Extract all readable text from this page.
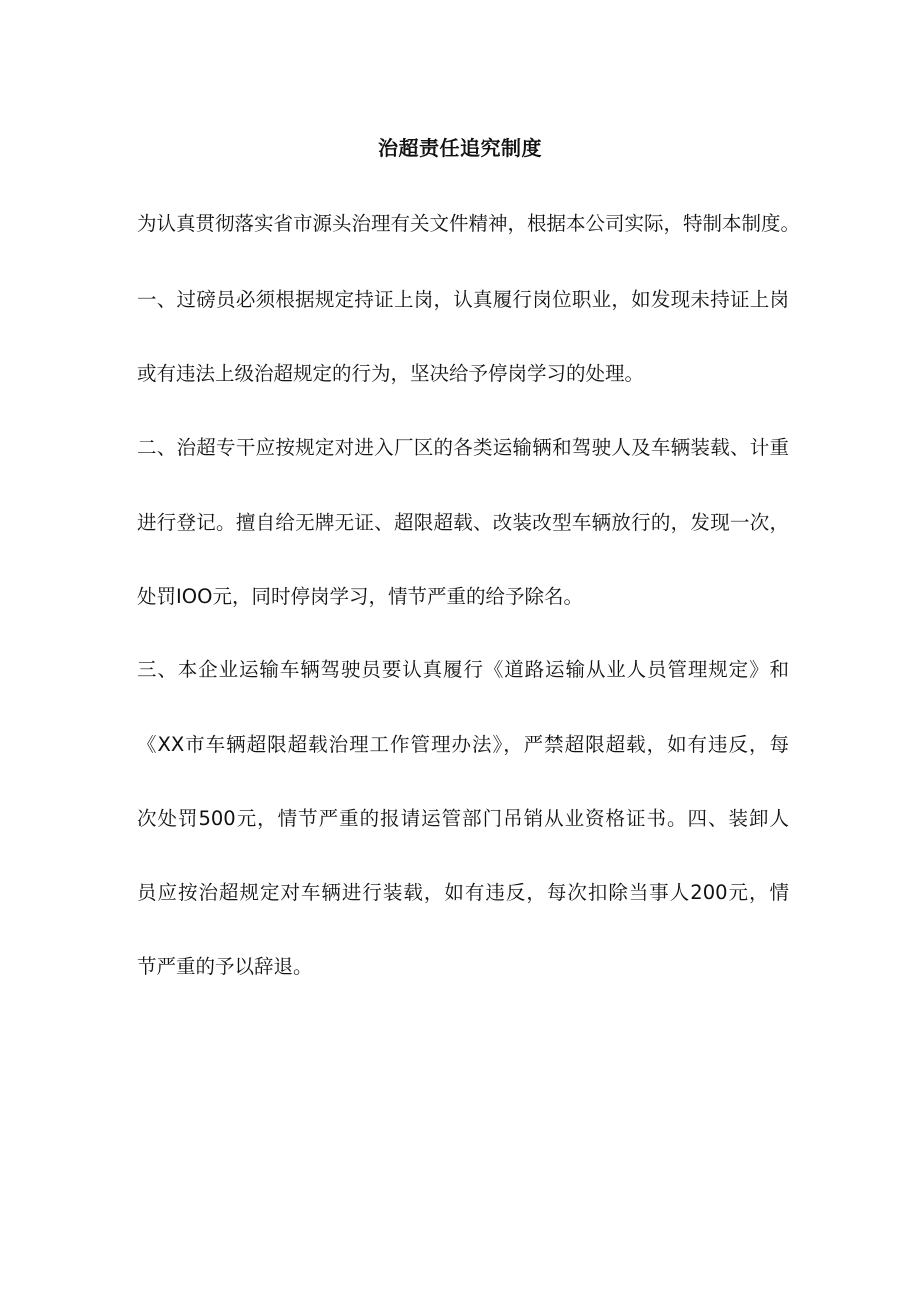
治超责任追究制度
为认真贯彻落实省市源头治理有关文件精神，根据本公司实际，特制本制度。
一、过磅员必须根据规定持证上岗，认真履行岗位职业，如发现未持证上岗
或有违法上级治超规定的行为，坚决给予停岗学习的处理。
二、治超专干应按规定对进入厂区的各类运输辆和驾驶人及车辆装载、计重
进行登记。擅自给无牌无证、超限超载、改装改型车辆放行的，发现一次，
处罚IOO元，同时停岗学习，情节严重的给予除名。
三、本企业运输车辆驾驶员要认真履行《道路运输从业人员管理规定》和
《XX市车辆超限超载治理工作管理办法》，严禁超限超载，如有违反，每
次处罚500元，情节严重的报请运管部门吊销从业资格证书。四、装卸人
员应按治超规定对车辆进行装载，如有违反，每次扣除当事人200元，情
节严重的予以辞退。
